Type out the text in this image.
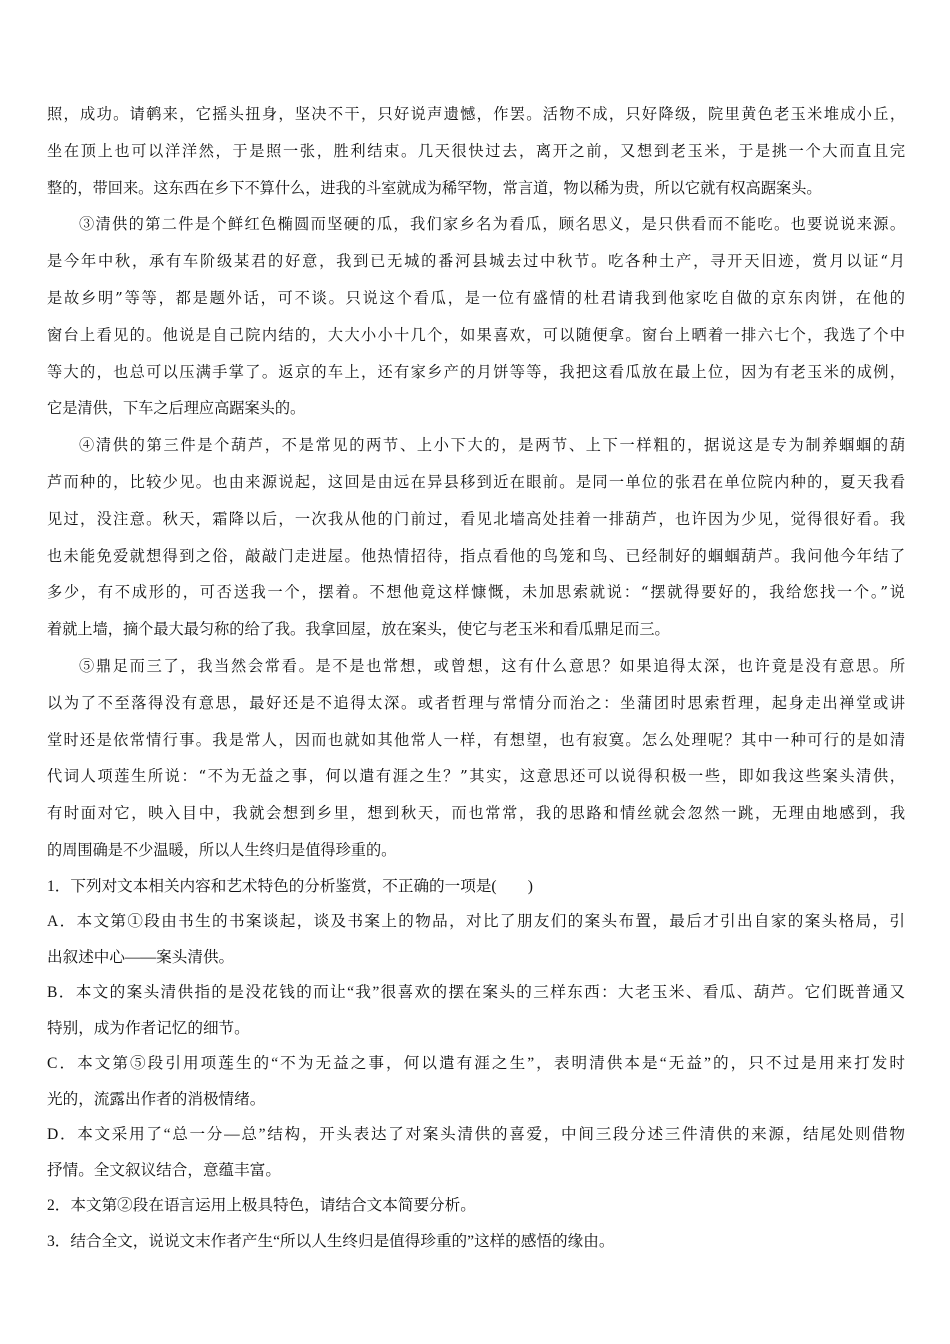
照，成功。请鹌来，它摇头扭身，坚决不干，只好说声遗憾，作罢。活物不成，只好降级，院里黄色老玉米堆成小丘，
坐在顶上也可以洋洋然，于是照一张，胜利结束。几天很快过去，离开之前，又想到老玉米，于是挑一个大而直且完
整的，带回来。这东西在乡下不算什么，进我的斗室就成为稀罕物，常言道，物以稀为贵，所以它就有权高踞案头。
③清供的第二件是个鲜红色椭圆而坚硬的瓜，我们家乡名为看瓜，顾名思义，是只供看而不能吃。也要说说来源。
是今年中秋，承有车阶级某君的好意，我到已无城的番河县城去过中秋节。吃各种土产，寻开天旧迹，赏月以证“月
是故乡明”等等，都是题外话，可不谈。只说这个看瓜，是一位有盛情的杜君请我到他家吃自做的京东肉饼，在他的
窗台上看见的。他说是自己院内结的，大大小小十几个，如果喜欢，可以随便拿。窗台上晒着一排六七个，我选了个中
等大的，也总可以压满手掌了。返京的车上，还有家乡产的月饼等等，我把这看瓜放在最上位，因为有老玉米的成例，
它是清供，下车之后理应高踞案头的。
④清供的第三件是个葫芦，不是常见的两节、上小下大的，是两节、上下一样粗的，据说这是专为制养蝈蝈的葫
芦而种的，比较少见。也由来源说起，这回是由远在异县移到近在眼前。是同一单位的张君在单位院内种的，夏天我看
见过，没注意。秋天，霜降以后，一次我从他的门前过，看见北墙高处挂着一排葫芦，也许因为少见，觉得很好看。我
也未能免爱就想得到之俗，敲敲门走进屋。他热情招待，指点看他的鸟笼和鸟、已经制好的蝈蝈葫芦。我问他今年结了
多少，有不成形的，可否送我一个，摆着。不想他竟这样慷慨，未加思索就说：“摆就得要好的，我给您找一个。”说
着就上墙，摘个最大最匀称的给了我。我拿回屋，放在案头，使它与老玉米和看瓜鼎足而三。
⑤鼎足而三了，我当然会常看。是不是也常想，或曾想，这有什么意思？如果追得太深，也许竟是没有意思。所
以为了不至落得没有意思，最好还是不追得太深。或者哲理与常情分而治之：坐蒲团时思索哲理，起身走出禅堂或讲
堂时还是依常情行事。我是常人，因而也就如其他常人一样，有想望，也有寂寞。怎么处理呢？其中一种可行的是如清
代词人项莲生所说：“不为无益之事，何以遣有涯之生？”其实，这意思还可以说得积极一些，即如我这些案头清供，
有时面对它，映入目中，我就会想到乡里，想到秋天，而也常常，我的思路和情丝就会忽然一跳，无理由地感到，我
的周围确是不少温暖，所以人生终归是值得珍重的。
1．下列对文本相关内容和艺术特色的分析鉴赏，不正确的一项是(　　)
A．本文第①段由书生的书案谈起，谈及书案上的物品，对比了朋友们的案头布置，最后才引出自家的案头格局，引
出叙述中心——案头清供。
B．本文的案头清供指的是没花钱的而让“我”很喜欢的摆在案头的三样东西：大老玉米、看瓜、葫芦。它们既普通又
特别，成为作者记忆的细节。
C．本文第⑤段引用项莲生的“不为无益之事，何以遣有涯之生”，表明清供本是“无益”的，只不过是用来打发时
光的，流露出作者的消极情绪。
D．本文采用了“总一分—总”结构，开头表达了对案头清供的喜爱，中间三段分述三件清供的来源，结尾处则借物
抒情。全文叙议结合，意蕴丰富。
2．本文第②段在语言运用上极具特色，请结合文本简要分析。
3．结合全文，说说文末作者产生“所以人生终归是值得珍重的”这样的感悟的缘由。
